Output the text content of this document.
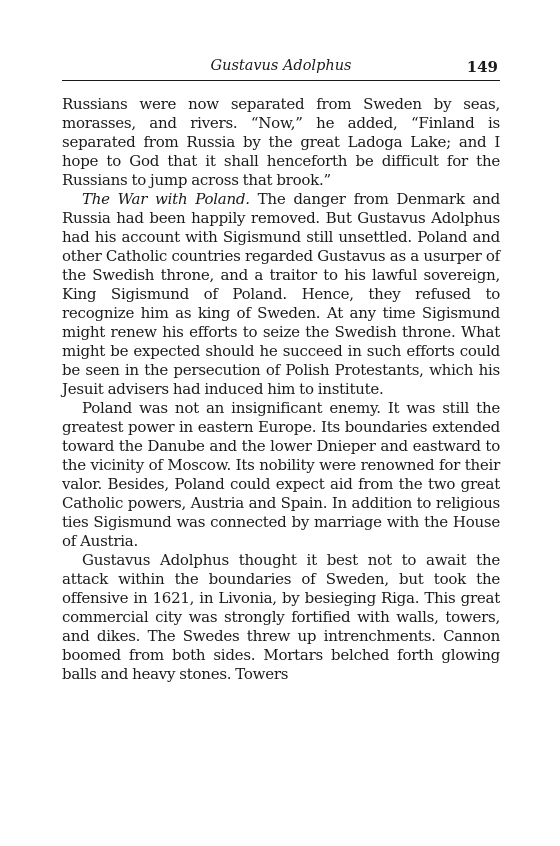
Gustavus Adolphus	149

Russians were now separated from Sweden by seas, morasses, and rivers. “Now,” he added, “Finland is separated from Russia by the great Ladoga Lake; and I hope to God that it shall henceforth be difficult for the Russians to jump across that brook.”

The War with Poland. The danger from Denmark and Russia had been happily removed. But Gustavus Adolphus had his account with Sigismund still unsettled. Poland and other Catholic countries regarded Gustavus as a usurper of the Swedish throne, and a traitor to his lawful sovereign, King Sigismund of Poland. Hence, they refused to recognize him as king of Sweden. At any time Sigismund might renew his efforts to seize the Swedish throne. What might be expected should he succeed in such efforts could be seen in the persecution of Polish Protestants, which his Jesuit advisers had induced him to institute.

Poland was not an insignificant enemy. It was still the greatest power in eastern Europe. Its boundaries extended toward the Danube and the lower Dnieper and eastward to the vicinity of Moscow. Its nobility were renowned for their valor. Besides, Poland could expect aid from the two great Catholic powers, Austria and Spain. In addition to religious ties Sigismund was connected by marriage with the House of Austria.

Gustavus Adolphus thought it best not to await the attack within the boundaries of Sweden, but took the offensive in 1621, in Livonia, by besieging Riga. This great commercial city was strongly fortified with walls, towers, and dikes. The Swedes threw up intrenchments. Cannon boomed from both sides. Mortars belched forth glowing balls and heavy stones. Towers
